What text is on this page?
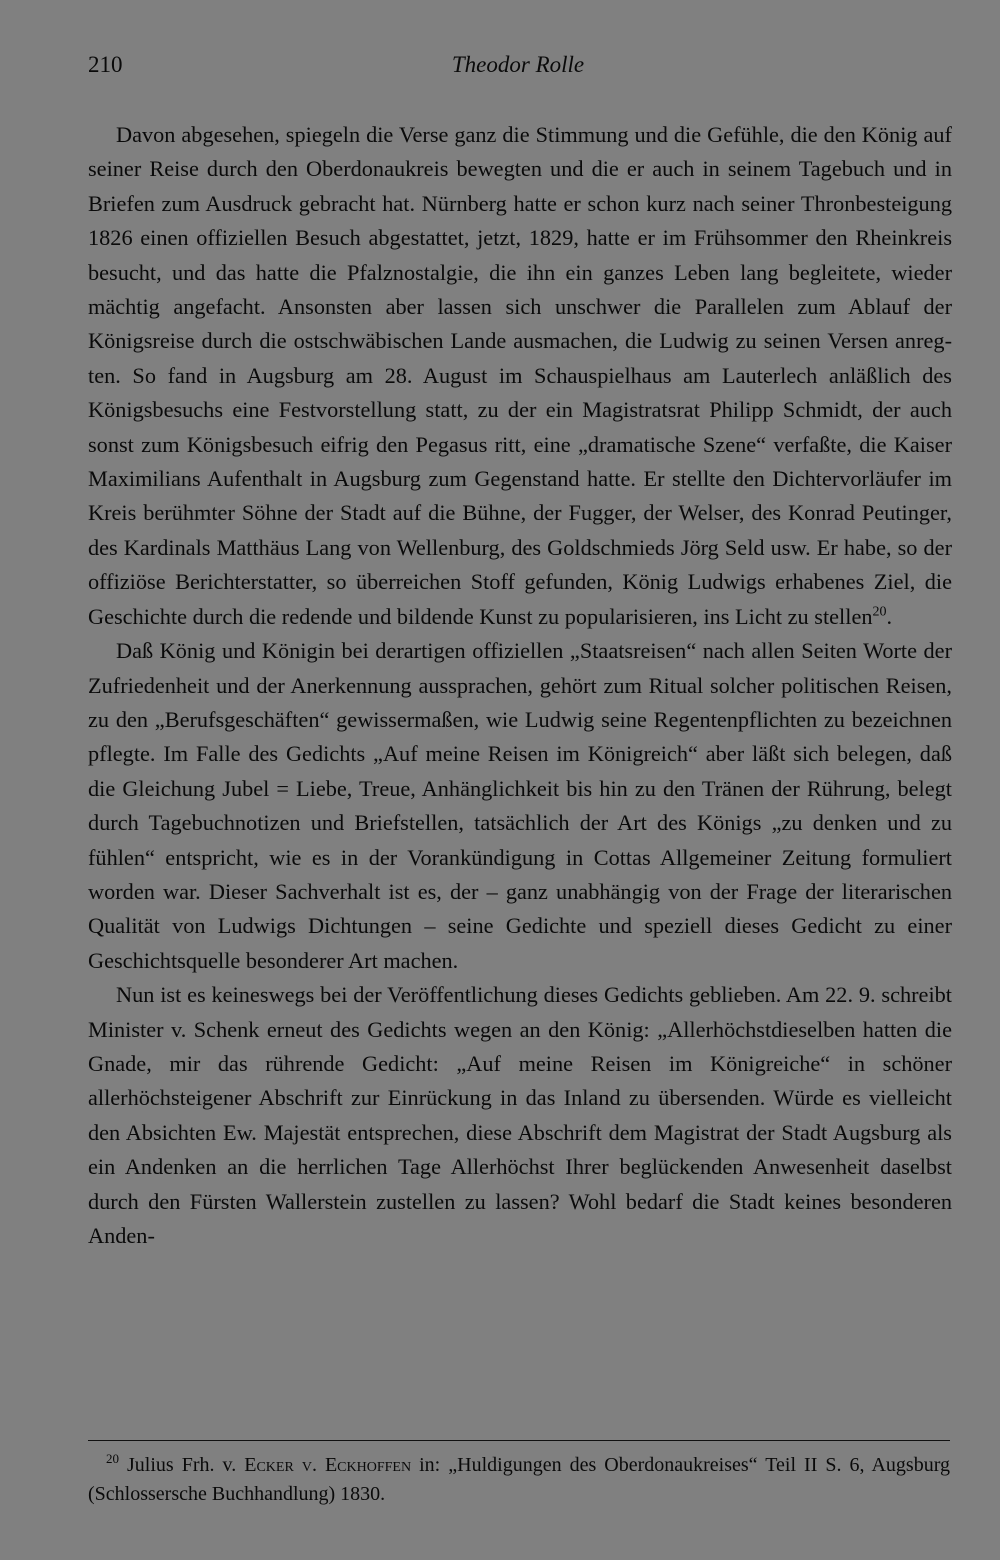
210	Theodor Rolle

Davon abgesehen, spiegeln die Verse ganz die Stimmung und die Gefühle, die den König auf seiner Reise durch den Oberdonaukreis bewegten und die er auch in seinem Tagebuch und in Briefen zum Ausdruck gebracht hat. Nürnberg hatte er schon kurz nach seiner Thronbesteigung 1826 einen offiziellen Besuch abgestattet, jetzt, 1829, hatte er im Frühsommer den Rheinkreis besucht, und das hatte die Pfalznostalgie, die ihn ein ganzes Leben lang begleitete, wieder mächtig angefacht. Ansonsten aber lassen sich unschwer die Parallelen zum Ablauf der Königsreise durch die ostschwäbischen Lande ausmachen, die Ludwig zu seinen Versen anregten. So fand in Augsburg am 28. August im Schauspielhaus am Lauterlech anläßlich des Königsbesuchs eine Festvorstellung statt, zu der ein Magistratsrat Philipp Schmidt, der auch sonst zum Königsbesuch eifrig den Pegasus ritt, eine „dramatische Szene“ verfaßte, die Kaiser Maximilians Aufenthalt in Augsburg zum Gegenstand hatte. Er stellte den Dichtervorläufer im Kreis berühmter Söhne der Stadt auf die Bühne, der Fugger, der Welser, des Konrad Peutinger, des Kardinals Matthäus Lang von Wellenburg, des Goldschmieds Jörg Seld usw. Er habe, so der offiziöse Berichterstatter, so überreichen Stoff gefunden, König Ludwigs erhabenes Ziel, die Geschichte durch die redende und bildende Kunst zu popularisieren, ins Licht zu stellen$^{20}$.

Daß König und Königin bei derartigen offiziellen „Staatsreisen“ nach allen Seiten Worte der Zufriedenheit und der Anerkennung aussprachen, gehört zum Ritual solcher politischen Reisen, zu den „Berufsgeschäften“ gewissermaßen, wie Ludwig seine Regentenpflichten zu bezeichnen pflegte. Im Falle des Gedichts „Auf meine Reisen im Königreich“ aber läßt sich belegen, daß die Gleichung Jubel = Liebe, Treue, Anhänglichkeit bis hin zu den Tränen der Rührung, belegt durch Tagebuchnotizen und Briefstellen, tatsächlich der Art des Königs „zu denken und zu fühlen“ entspricht, wie es in der Vorankündigung in Cottas Allgemeiner Zeitung formuliert worden war. Dieser Sachverhalt ist es, der – ganz unabhängig von der Frage der literarischen Qualität von Ludwigs Dichtungen – seine Gedichte und speziell dieses Gedicht zu einer Geschichtsquelle besonderer Art machen.

Nun ist es keineswegs bei der Veröffentlichung dieses Gedichts geblieben. Am 22. 9. schreibt Minister v. Schenk erneut des Gedichts wegen an den König: „Allerhöchstdieselben hatten die Gnade, mir das rührende Gedicht: „Auf meine Reisen im Königreiche“ in schöner allerhöchsteigener Abschrift zur Einrückung in das Inland zu übersenden. Würde es vielleicht den Absichten Ew. Majestät entsprechen, diese Abschrift dem Magistrat der Stadt Augsburg als ein Andenken an die herrlichen Tage Allerhöchst Ihrer beglückenden Anwesenheit daselbst durch den Fürsten Wallerstein zustellen zu lassen? Wohl bedarf die Stadt keines besonderen Anden-

20 Julius Frh. v. Ecker v. Eckhoffen in: „Huldigungen des Oberdonaukreises“ Teil II S. 6, Augsburg (Schlossersche Buchhandlung) 1830.
